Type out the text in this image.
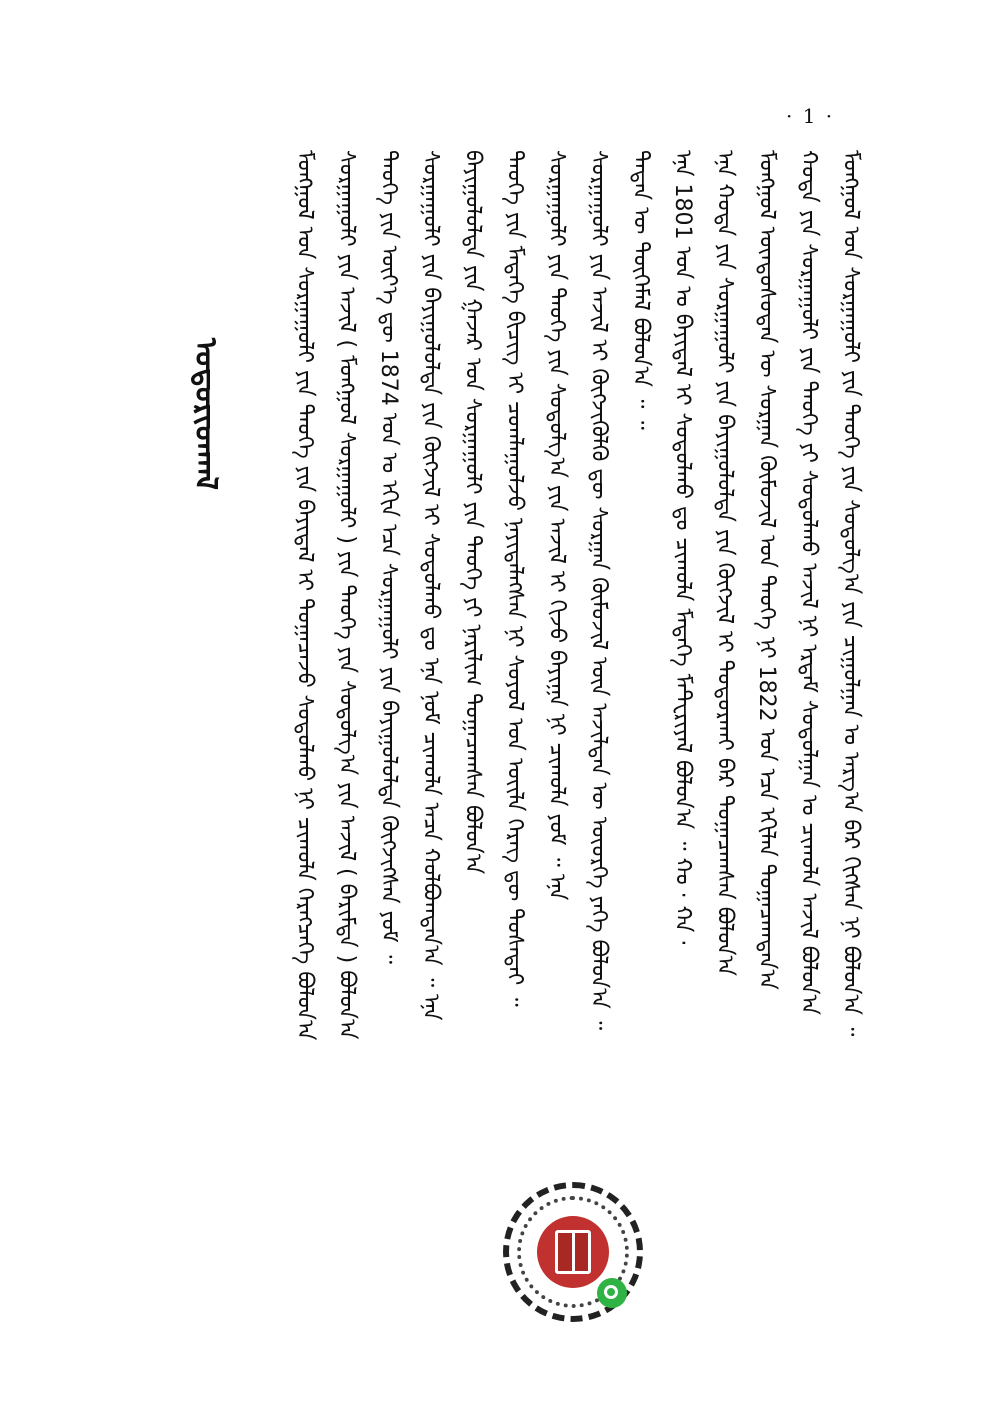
· 1 ·
ᠤᠳᠤᠷᠢᠳᠬᠠᠯ	ᠮᠣᠩᠭᠣᠯ ᠤᠨ ᠰᠤᠷᠭᠠᠭᠤᠯᠢ ᠶᠢᠨ ᠲᠡᠦᠬᠡ ᠶᠢᠨ ᠰᠤᠳᠤᠯᠭ᠎ᠠ ᠶᠢᠨ ᠴᠢᠭᠤᠯᠭᠠᠨ ᠤ ᠠᠷᠭ᠎ᠠ ᠪᠠᠷ ᠬᠢᠭᠰᠡᠨ ᠨᠢ ᠪᠣᠯᠤᠨ᠎ᠠ ᠃
ᠬᠣᠲᠠ ᠶᠢᠨ ᠰᠤᠷᠭᠠᠭᠤᠯᠢ ᠶᠢᠨ ᠲᠡᠦᠬᠡ ᠶᠢ ᠰᠤᠳᠤᠯᠬᠤ ᠠᠵᠢᠯ ᠨᠢ ᠡᠷᠳᠡᠮ ᠰᠤᠳᠤᠯᠭᠠᠨ ᠤ ᠴᠢᠬᠤᠯᠠ ᠠᠵᠢᠯ ᠪᠣᠯᠤᠨ᠎ᠠ
ᠮᠣᠩᠭᠣᠯ ᠦᠨᠳᠦᠰᠦᠲᠡᠨ ᠦ ᠰᠤᠷᠭᠠᠨ ᠬᠦᠮᠦᠵᠢᠯ ᠤᠨ ᠲᠡᠦᠬᠡ ᠨᠢ 1822 ᠣᠨ ᠡᠴᠡ ᠡᠬᠢᠯᠡᠨ ᠲᠣᠭᠠᠴᠠᠭᠳᠠᠨ᠎ᠠ
ᠡᠨᠡ ᠬᠣᠲᠠ ᠶᠢᠨ ᠰᠤᠷᠭᠠᠭᠤᠯᠢ ᠶᠢᠨ ᠪᠠᠶᠢᠭᠤᠯᠤᠯᠲᠠ ᠶᠢᠨ ᠬᠥᠭᠵᠢᠯ ᠢ ᠲᠣᠳᠣᠷᠬᠠᠢ ᠪᠠᠷ ᠲᠣᠭᠠᠴᠠᠭᠰᠠᠨ ᠪᠣᠯᠤᠨ᠎ᠠ
ᠡᠨᠡ 1801 ᠣᠨ ᠤ ᠪᠠᠶᠢᠳᠠᠯ ᠢ ᠰᠤᠳᠤᠯᠬᠤ ᠳᠤ ᠴᠢᠬᠤᠯᠠ ᠮᠡᠳᠡᠭᠡ ᠮᠠᠲ᠋ᠧᠷᠢᠶᠠᠯ ᠪᠣᠯᠤᠨ᠎ᠠ ᠃ ᠬᠣ · ᠬᠠ ·
ᠲᠡᠳᠡᠨ ᠦ ᠲᠦᠭᠡᠮᠡᠯ ᠪᠣᠯᠤᠨ᠎ᠠ ᠃ ᠃
ᠰᠤᠷᠭᠠᠭᠤᠯᠢ ᠶᠢᠨ ᠠᠵᠢᠯ ᠢ ᠬᠥᠭᠵᠢᠭᠦᠯᠬᠦ ᠳᠦ ᠰᠤᠷᠭᠠᠨ ᠬᠦᠮᠦᠵᠢᠯ ᠦᠨ ᠠᠵᠢᠯᠲᠠᠨ ᠦ ᠦᠦᠷᠭᠡ ᠶᠡᠬᠡ ᠪᠣᠯᠤᠨ᠎ᠠ ᠃
ᠰᠤᠷᠭᠠᠭᠤᠯᠢ ᠶᠢᠨ ᠲᠡᠦᠬᠡ ᠶᠢᠨ ᠰᠤᠳᠤᠯᠭ᠎ᠠ ᠶᠢᠨ ᠠᠵᠢᠯ ᠢ ᠬᠢᠵᠦ ᠪᠠᠶᠢᠭᠠ ᠨᠢ ᠴᠢᠬᠤᠯᠠ ᠶᠤᠮ ᠃ ᠡᠨᠡ
ᠲᠡᠦᠬᠡ ᠶᠢᠨ ᠮᠡᠳᠡᠭᠡ ᠪᠢᠴᠢᠭ ᠢ ᠴᠤᠭᠯᠠᠭᠤᠯᠵᠤ ᠨᠡᠶᠢᠲᠡᠯᠡᠭᠰᠡᠨ ᠨᠢ ᠰᠣᠶᠣᠯ ᠤᠨ ᠦᠢᠯᠡ ᠬᠡᠷᠡᠭ ᠳᠦ ᠲᠤᠰᠠᠲᠠᠢ ᠃
ᠪᠠᠶᠢᠭᠤᠯᠤᠯᠲᠠ ᠶᠢᠨ ᠭᠠᠵᠠᠷ ᠤᠨ ᠰᠤᠷᠭᠠᠭᠤᠯᠢ ᠶᠢᠨ ᠲᠡᠦᠬᠡ ᠶᠢ ᠨᠠᠷᠢᠯᠢᠭ ᠲᠣᠭᠠᠴᠠᠭᠰᠠᠨ ᠪᠣᠯᠤᠨ᠎ᠠ
ᠰᠤᠷᠭᠠᠭᠤᠯᠢ ᠶᠢᠨ ᠪᠠᠶᠢᠭᠤᠯᠤᠯᠲᠠ ᠶᠢᠨ ᠬᠥᠭᠵᠢᠯ ᠢ ᠰᠤᠳᠤᠯᠬᠤ ᠳᠤ ᠡᠨᠡ ᠨᠣᠮ ᠴᠢᠬᠤᠯᠠ ᠠᠴᠠ ᠬᠣᠯᠪᠣᠭᠳᠠᠨ᠎ᠠ ᠃ ᠡᠨᠡ
ᠲᠡᠦᠬᠡ ᠶᠢᠨ ᠦᠶ᠎ᠡ ᠳᠦ 1874 ᠣᠨ ᠤ ᠡᠬᠢᠨ ᠡᠴᠡ ᠰᠤᠷᠭᠠᠭᠤᠯᠢ ᠶᠢᠨ ᠪᠠᠶᠢᠭᠤᠯᠤᠯᠲᠠ ᠬᠥᠭᠵᠢᠭᠰᠡᠨ ᠶᠤᠮ ᠃
ᠰᠤᠷᠭᠠᠭᠤᠯᠢ ᠶᠢᠨ ᠠᠵᠢᠯ ( ᠮᠣᠩᠭᠣᠯ ᠰᠤᠷᠭᠠᠭᠤᠯᠢ ) ᠶᠢᠨ ᠲᠡᠦᠬᠡ ᠶᠢᠨ ᠰᠤᠳᠤᠯᠭ᠎ᠠ ᠶᠢᠨ ᠠᠵᠢᠯ ( ᠪᠠᠷᠢᠮᠲᠠ ) ᠪᠣᠯᠤᠨ᠎ᠠ
ᠮᠣᠩᠭᠣᠯ ᠤᠨ ᠰᠤᠷᠭᠠᠭᠤᠯᠢ ᠶᠢᠨ ᠲᠡᠦᠬᠡ ᠶᠢᠨ ᠪᠠᠶᠢᠳᠠᠯ ᠢ ᠲᠣᠭᠠᠴᠠᠵᠤ ᠰᠤᠳᠤᠯᠬᠤ ᠨᠢ ᠴᠢᠬᠤᠯᠠ ᠬᠡᠷᠡᠭᠴᠡᠭᠡ ᠪᠣᠯᠤᠨ᠎ᠠ
